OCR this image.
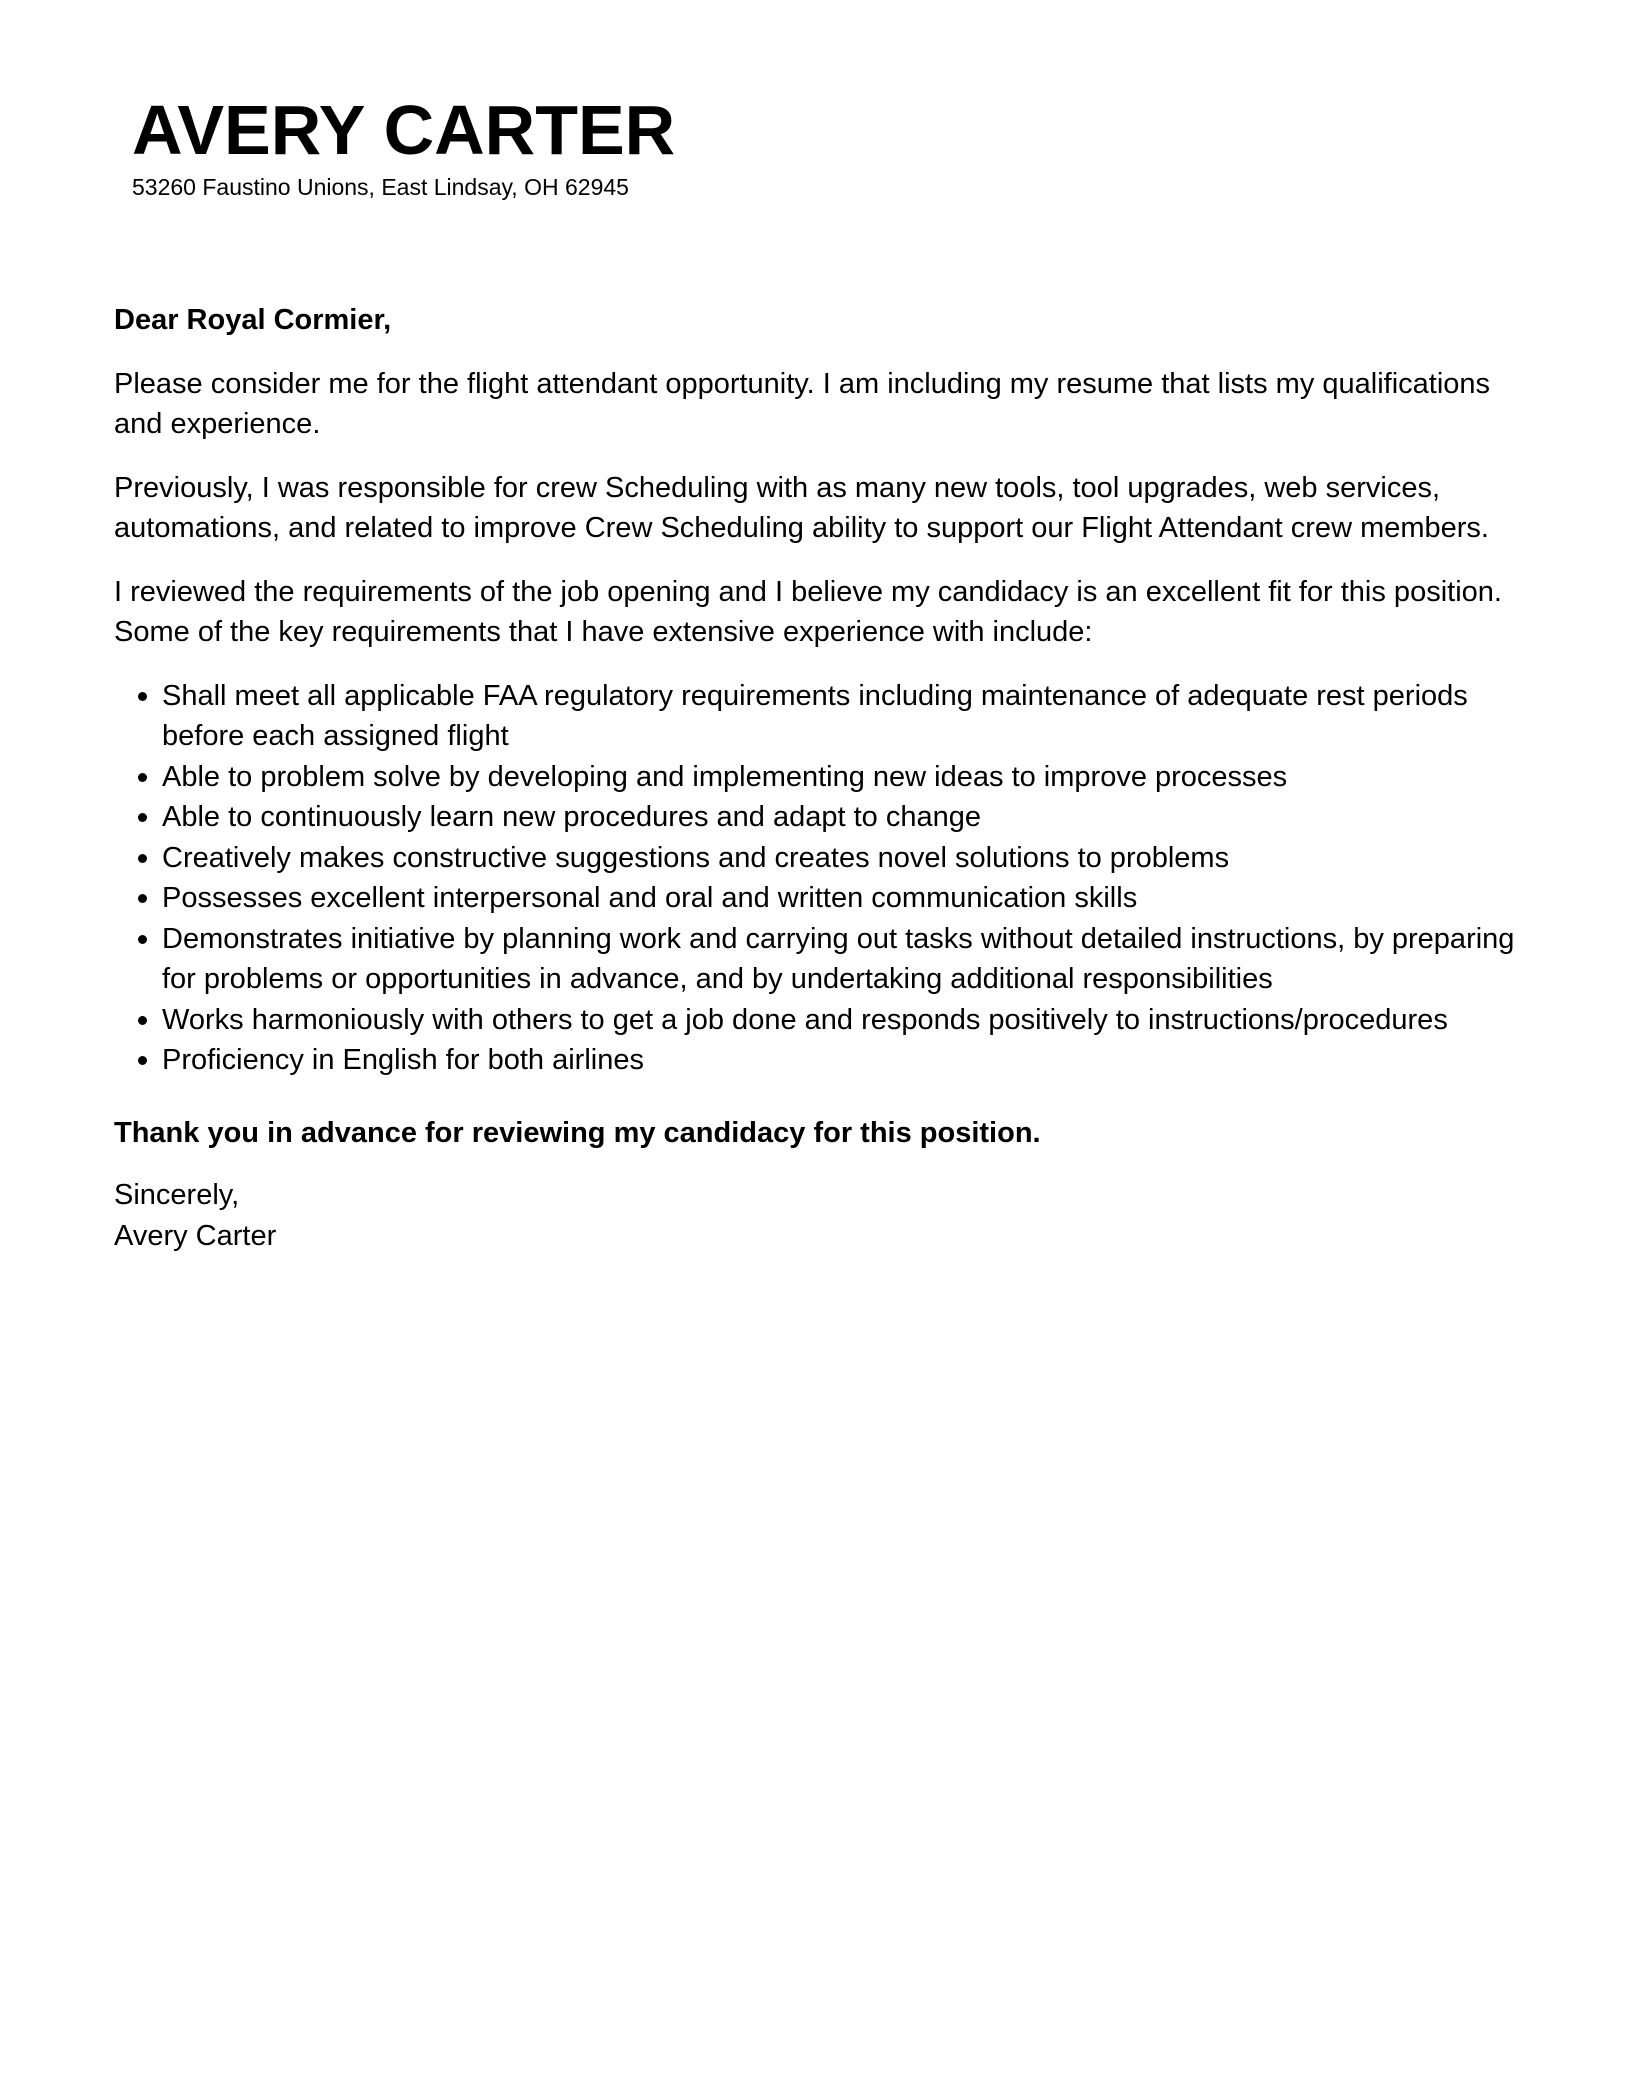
AVERY CARTER
53260 Faustino Unions, East Lindsay, OH 62945

Dear Royal Cormier,

Please consider me for the flight attendant opportunity. I am including my resume that lists my qualifications and experience.

Previously, I was responsible for crew Scheduling with as many new tools, tool upgrades, web services, automations, and related to improve Crew Scheduling ability to support our Flight Attendant crew members.

I reviewed the requirements of the job opening and I believe my candidacy is an excellent fit for this position. Some of the key requirements that I have extensive experience with include:

Shall meet all applicable FAA regulatory requirements including maintenance of adequate rest periods before each assigned flight
Able to problem solve by developing and implementing new ideas to improve processes
Able to continuously learn new procedures and adapt to change
Creatively makes constructive suggestions and creates novel solutions to problems
Possesses excellent interpersonal and oral and written communication skills
Demonstrates initiative by planning work and carrying out tasks without detailed instructions, by preparing for problems or opportunities in advance, and by undertaking additional responsibilities
Works harmoniously with others to get a job done and responds positively to instructions/procedures
Proficiency in English for both airlines

Thank you in advance for reviewing my candidacy for this position.

Sincerely,

Avery Carter
